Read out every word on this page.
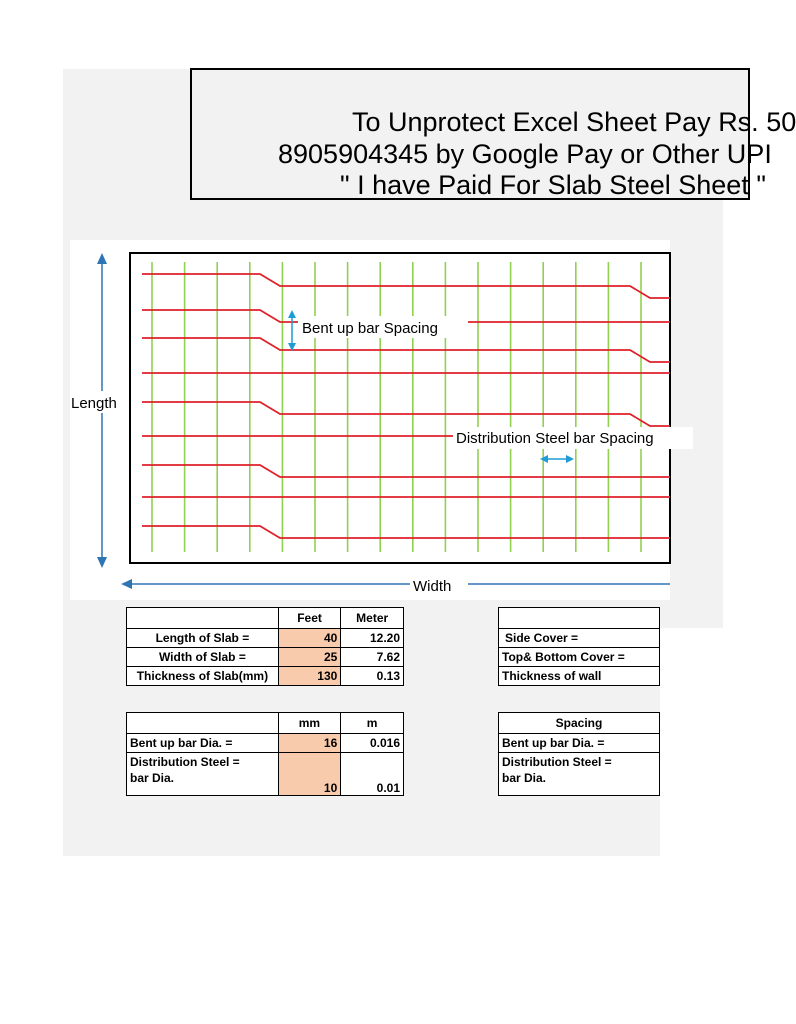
To Unprotect Excel Sheet Pay Rs. 50
8905904345 by Google Pay or Other UPI
" I have Paid For Slab Steel Sheet "
Length
Width
Bent up bar Spacing
Distribution Steel bar Spacing
	Feet	Meter
Length of Slab =	40	12.20
Width of Slab =	25	7.62
Thickness of Slab(mm)	130	0.13

Side Cover =
Top& Bottom Cover =
Thickness of wall
	mm	m
Bent up bar Dia. =	16	0.016

Distribution Steel =
bar Dia.	10	0.01
Spacing
Bent up bar Dia. =

Distribution Steel =
bar Dia.
